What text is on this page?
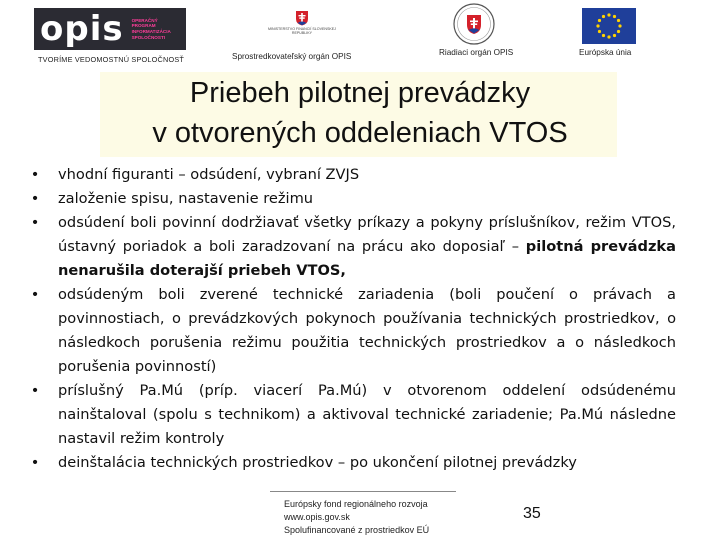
opis OPERAČNÝ PROGRAM INFORMATIZÁCIA SPOLOČNOSTI
TVORÍME VEDOMOSTNÚ SPOLOČNOSŤ
MINISTERSTVO FINANCIÍ SLOVENSKEJ REPUBLIKY
Sprostredkovateľský orgán OPIS	Riadiaci orgán OPIS	Európska únia
Priebeh pilotnej prevádzky
v otvorených oddeleniach VTOS
• vhodní figuranti – odsúdení, vybraní ZVJS
• založenie spisu, nastavenie režimu
• odsúdení boli povinní dodržiavať všetky príkazy a pokyny príslušníkov, režim VTOS, ústavný poriadok a boli zaradzovaní na prácu ako doposiaľ – pilotná prevádzka nenarušila doterajší priebeh VTOS,
• odsúdeným boli zverené technické zariadenia (boli poučení o právach a povinnostiach, o prevádzkových pokynoch používania technických prostriedkov, o následkoch porušenia režimu použitia technických prostriedkov a o následkoch porušenia povinností)
• príslušný Pa.Mú (príp. viacerí Pa.Mú) v otvorenom oddelení odsúdenému nainštaloval (spolu s technikom) a aktivoval technické zariadenie; Pa.Mú následne nastavil režim kontroly
• deinštalácia technických prostriedkov – po ukončení pilotnej prevádzky
Európsky fond regionálneho rozvoja
www.opis.gov.sk
Spolufinancované z prostriedkov EÚ
35
